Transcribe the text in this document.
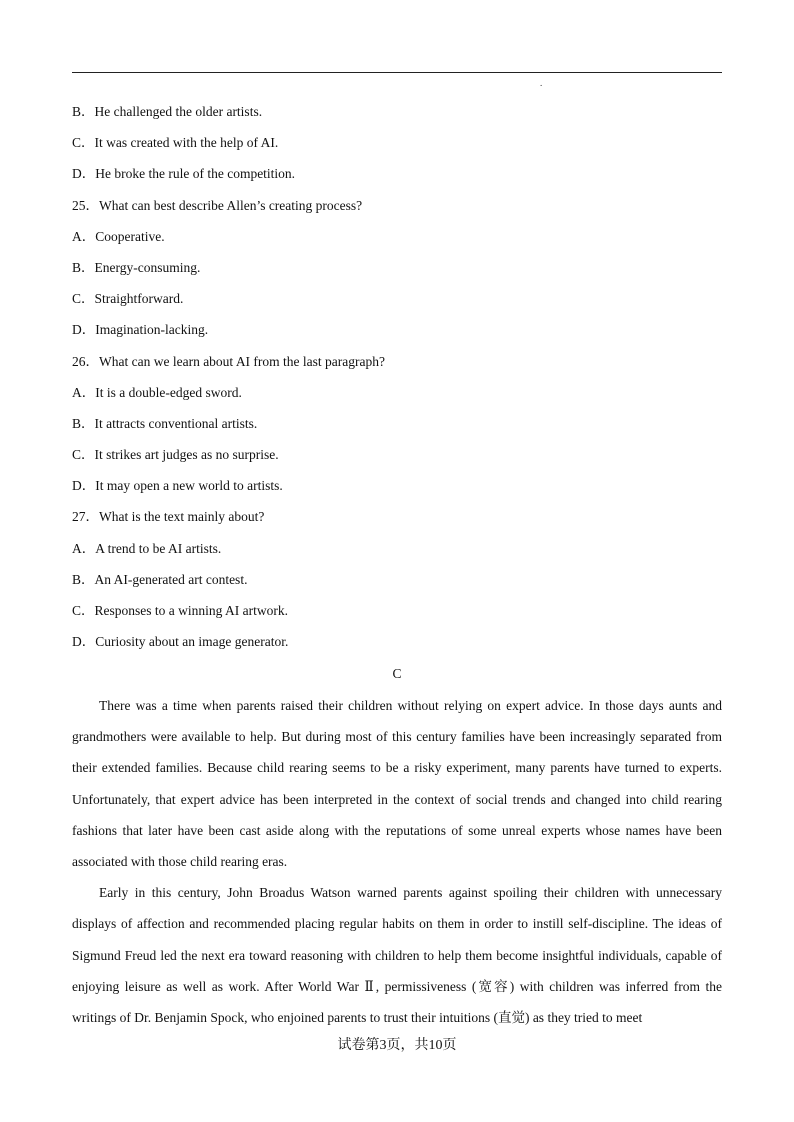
.
B．He challenged the older artists.
C．It was created with the help of AI.
D．He broke the rule of the competition.
25．What can best describe Allen’s creating process?
A．Cooperative.
B．Energy-consuming.
C．Straightforward.
D．Imagination-lacking.
26．What can we learn about AI from the last paragraph?
A．It is a double-edged sword.
B．It attracts conventional artists.
C．It strikes art judges as no surprise.
D．It may open a new world to artists.
27．What is the text mainly about?
A．A trend to be AI artists.
B．An AI-generated art contest.
C．Responses to a winning AI artwork.
D．Curiosity about an image generator.
C

There was a time when parents raised their children without relying on expert advice. In those days aunts and grandmothers were available to help. But during most of this century families have been increasingly separated from their extended families. Because child rearing seems to be a risky experiment, many parents have turned to experts. Unfortunately, that expert advice has been interpreted in the context of social trends and changed into child rearing fashions that later have been cast aside along with the reputations of some unreal experts whose names have been associated with those child rearing eras.

Early in this century, John Broadus Watson warned parents against spoiling their children with unnecessary displays of affection and recommended placing regular habits on them in order to instill self-discipline. The ideas of Sigmund Freud led the next era toward reasoning with children to help them become insightful individuals, capable of enjoying leisure as well as work. After World War Ⅱ, permissiveness (宽容) with children was inferred from the writings of Dr. Benjamin Spock, who enjoined parents to trust their intuitions (直觉) as they tried to meet

试卷第3页，共10页
